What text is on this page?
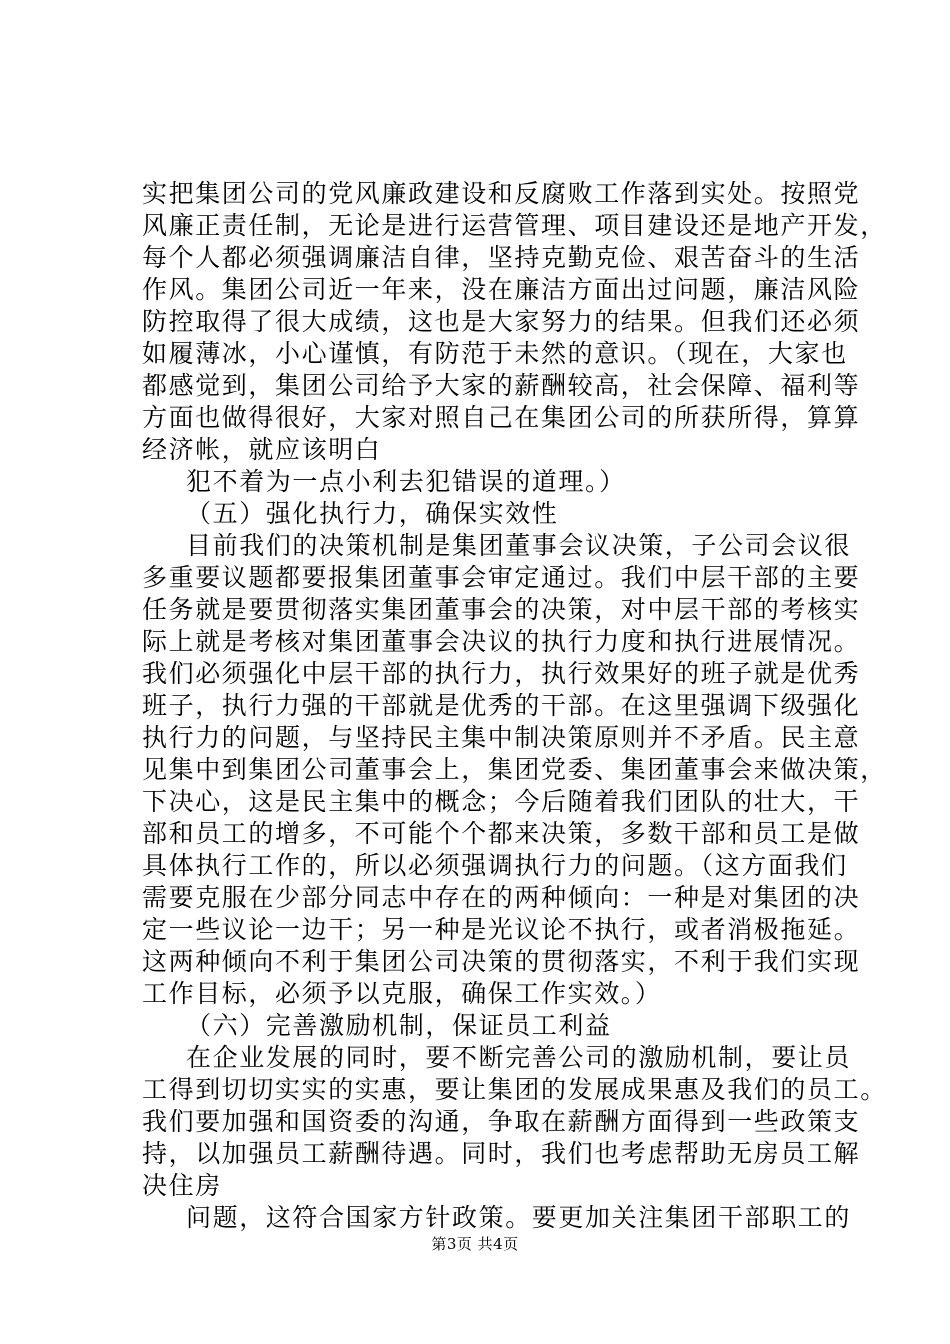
实把集团公司的党风廉政建设和反腐败工作落到实处。按照党
风廉正责任制，无论是进行运营管理、项目建设还是地产开发，
每个人都必须强调廉洁自律，坚持克勤克俭、艰苦奋斗的生活
作风。集团公司近一年来，没在廉洁方面出过问题，廉洁风险
防控取得了很大成绩，这也是大家努力的结果。但我们还必须
如履薄冰，小心谨慎，有防范于未然的意识。（现在，大家也
都感觉到，集团公司给予大家的薪酬较高，社会保障、福利等
方面也做得很好，大家对照自己在集团公司的所获所得，算算
经济帐，就应该明白
犯不着为一点小利去犯错误的道理。）
（五）强化执行力，确保实效性
目前我们的决策机制是集团董事会议决策，子公司会议很
多重要议题都要报集团董事会审定通过。我们中层干部的主要
任务就是要贯彻落实集团董事会的决策，对中层干部的考核实
际上就是考核对集团董事会决议的执行力度和执行进展情况。
我们必须强化中层干部的执行力，执行效果好的班子就是优秀
班子，执行力强的干部就是优秀的干部。在这里强调下级强化
执行力的问题，与坚持民主集中制决策原则并不矛盾。民主意
见集中到集团公司董事会上，集团党委、集团董事会来做决策，
下决心，这是民主集中的概念；今后随着我们团队的壮大，干
部和员工的增多，不可能个个都来决策，多数干部和员工是做
具体执行工作的，所以必须强调执行力的问题。（这方面我们
需要克服在少部分同志中存在的两种倾向：一种是对集团的决
定一些议论一边干；另一种是光议论不执行，或者消极拖延。
这两种倾向不利于集团公司决策的贯彻落实，不利于我们实现
工作目标，必须予以克服，确保工作实效。）
（六）完善激励机制，保证员工利益
在企业发展的同时，要不断完善公司的激励机制，要让员
工得到切切实实的实惠，要让集团的发展成果惠及我们的员工。
我们要加强和国资委的沟通，争取在薪酬方面得到一些政策支
持，以加强员工薪酬待遇。同时，我们也考虑帮助无房员工解
决住房
问题，这符合国家方针政策。要更加关注集团干部职工的
第3页 共4页
